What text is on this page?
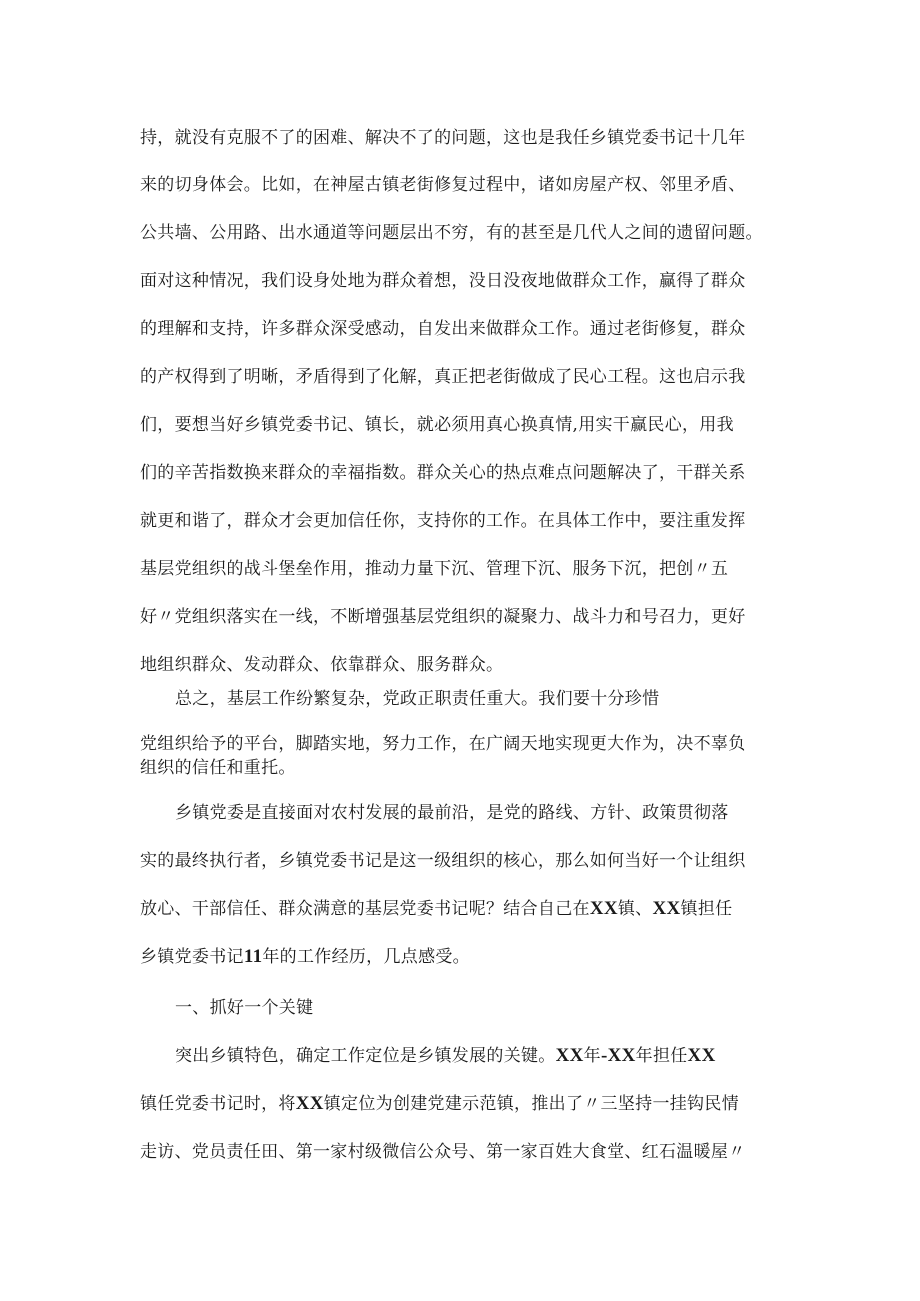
持，就没有克服不了的困难、解决不了的问题，这也是我任乡镇党委书记十几年
来的切身体会。比如，在神屋古镇老街修复过程中，诸如房屋产权、邻里矛盾、
公共墙、公用路、出水通道等问题层出不穷，有的甚至是几代人之间的遗留问题。
面对这种情况，我们设身处地为群众着想，没日没夜地做群众工作，赢得了群众
的理解和支持，许多群众深受感动，自发出来做群众工作。通过老街修复，群众
的产权得到了明晰，矛盾得到了化解，真正把老街做成了民心工程。这也启示我
们，要想当好乡镇党委书记、镇长，就必须用真心换真情,用实干赢民心，用我
们的辛苦指数换来群众的幸福指数。群众关心的热点难点问题解决了，干群关系
就更和谐了，群众才会更加信任你，支持你的工作。在具体工作中，要注重发挥
基层党组织的战斗堡垒作用，推动力量下沉、管理下沉、服务下沉，把创〃五
好〃党组织落实在一线，不断增强基层党组织的凝聚力、战斗力和号召力，更好
地组织群众、发动群众、依靠群众、服务群众。
总之，基层工作纷繁复杂，党政正职责任重大。我们要十分珍惜
党组织给予的平台，脚踏实地，努力工作，在广阔天地实现更大作为，决不辜负
组织的信任和重托。
乡镇党委是直接面对农村发展的最前沿，是党的路线、方针、政策贯彻落
实的最终执行者，乡镇党委书记是这一级组织的核心，那么如何当好一个让组织
放心、干部信任、群众满意的基层党委书记呢？结合自己在XX镇、XX镇担任
乡镇党委书记11年的工作经历，几点感受。
一、抓好一个关键
突出乡镇特色，确定工作定位是乡镇发展的关键。XX年-XX年担任XX
镇任党委书记时，将XX镇定位为创建党建示范镇，推出了〃三坚持一挂钩民情
走访、党员责任田、第一家村级微信公众号、第一家百姓大食堂、红石温暖屋〃
